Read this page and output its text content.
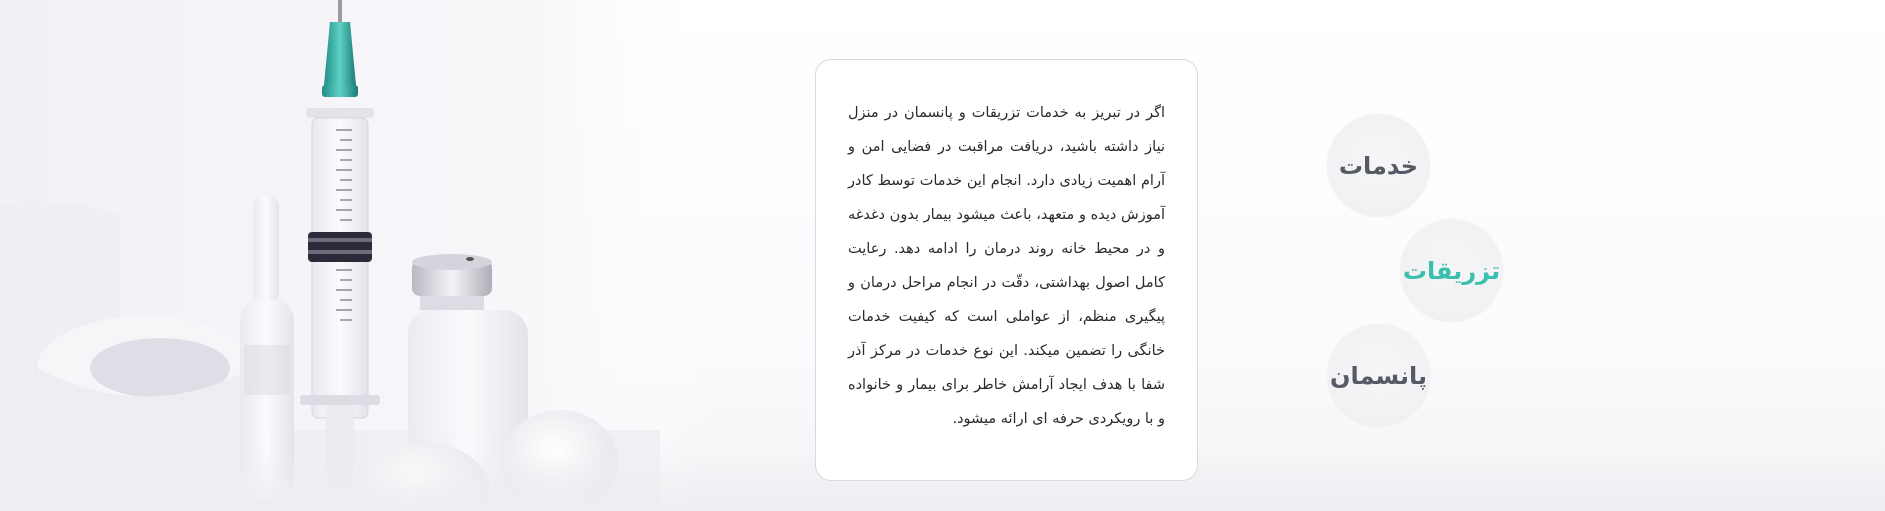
اگر در تبریز به خدمات تزریقات و پانسمان در منزل نیاز داشته باشید، دریافت مراقبت در فضایی امن و آرام اهمیت زیادی دارد. انجام این خدمات توسط کادر آموزش دیده و متعهد، باعث میشود بیمار بدون دغدغه و در محیط خانه روند درمان را ادامه دهد. رعایت کامل اصول بهداشتی، دقّت در انجام مراحل درمان و پیگیری منظم، از عواملی است که کیفیت خدمات خانگی را تضمین میکند. این نوع خدمات در مرکز آذر شفا با هدف ایجاد آرامش خاطر برای بیمار و خانواده و با رویکردی حرفه ای ارائه میشود.

خدمات
تزریقات
پانسمان
